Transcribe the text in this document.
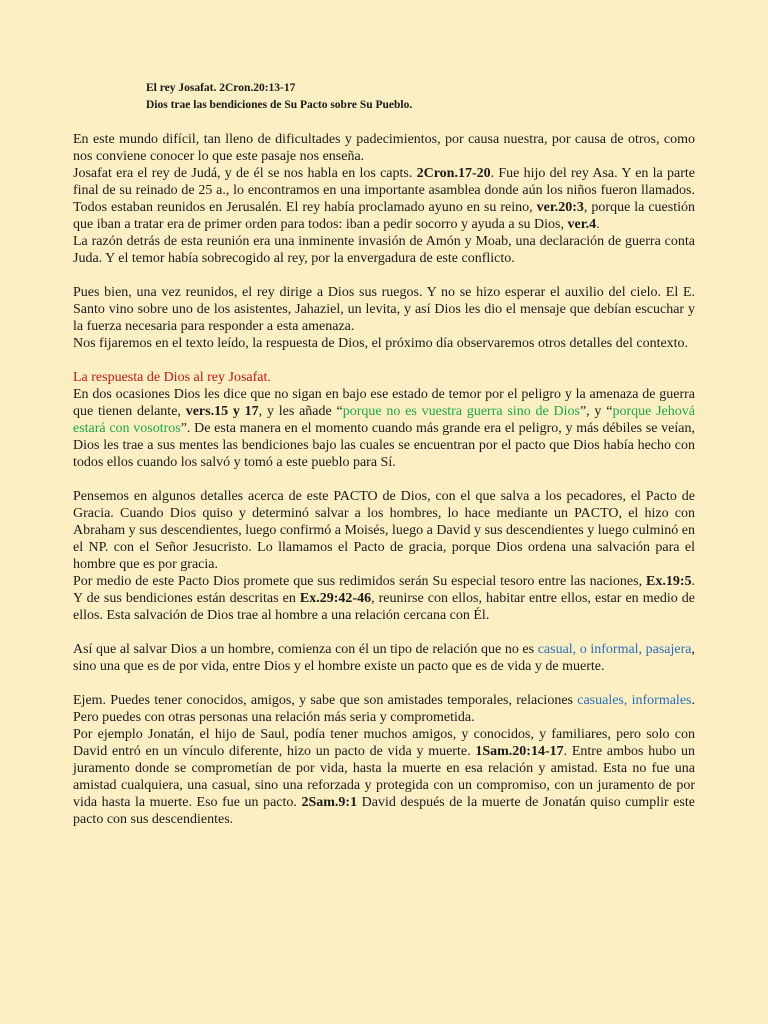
El rey Josafat. 2Cron.20:13-17
Dios trae las bendiciones de Su Pacto sobre Su Pueblo.

En este mundo difícil, tan lleno de dificultades y padecimientos, por causa nuestra, por causa de otros, como nos conviene conocer lo que este pasaje nos enseña.

Josafat era el rey de Judá, y de él se nos habla en los capts. 2Cron.17-20. Fue hijo del rey Asa. Y en la parte final de su reinado de 25 a., lo encontramos en una importante asamblea donde aún los niños fueron llamados. Todos estaban reunidos en Jerusalén. El rey había proclamado ayuno en su reino, ver.20:3, porque la cuestión que iban a tratar era de primer orden para todos: iban a pedir socorro y ayuda a su Dios, ver.4.

La razón detrás de esta reunión era una inminente invasión de Amón y Moab, una declaración de guerra conta Juda. Y el temor había sobrecogido al rey, por la envergadura de este conflicto.

Pues bien, una vez reunidos, el rey dirige a Dios sus ruegos. Y no se hizo esperar el auxilio del cielo. El E. Santo vino sobre uno de los asistentes, Jahaziel, un levita, y así Dios les dio el mensaje que debían escuchar y la fuerza necesaria para responder a esta amenaza.

Nos fijaremos en el texto leído, la respuesta de Dios, el próximo día observaremos otros detalles del contexto.

La respuesta de Dios al rey Josafat.

En dos ocasiones Dios les dice que no sigan en bajo ese estado de temor por el peligro y la amenaza de guerra que tienen delante, vers.15 y 17, y les añade “porque no es vuestra guerra sino de Dios”, y “porque Jehová estará con vosotros”. De esta manera en el momento cuando más grande era el peligro, y más débiles se veían, Dios les trae a sus mentes las bendiciones bajo las cuales se encuentran por el pacto que Dios había hecho con todos ellos cuando los salvó y tomó a este pueblo para Sí.

Pensemos en algunos detalles acerca de este PACTO de Dios, con el que salva a los pecadores, el Pacto de Gracia. Cuando Dios quiso y determinó salvar a los hombres, lo hace mediante un PACTO, el hizo con Abraham y sus descendientes, luego confirmó a Moisés, luego a David y sus descendientes y luego culminó en el NP. con el Señor Jesucristo. Lo llamamos el Pacto de gracia, porque Dios ordena una salvación para el hombre que es por gracia.

Por medio de este Pacto Dios promete que sus redimidos serán Su especial tesoro entre las naciones, Ex.19:5. Y de sus bendiciones están descritas en Ex.29:42-46, reunirse con ellos, habitar entre ellos, estar en medio de ellos. Esta salvación de Dios trae al hombre a una relación cercana con Él.

Así que al salvar Dios a un hombre, comienza con él un tipo de relación que no es casual, o informal, pasajera, sino una que es de por vida, entre Dios y el hombre existe un pacto que es de vida y de muerte.

Ejem. Puedes tener conocidos, amigos, y sabe que son amistades temporales, relaciones casuales, informales. Pero puedes con otras personas una relación más seria y comprometida.

Por ejemplo Jonatán, el hijo de Saul, podía tener muchos amigos, y conocidos, y familiares, pero solo con David entró en un vínculo diferente, hizo un pacto de vida y muerte. 1Sam.20:14-17. Entre ambos hubo un juramento donde se comprometían de por vida, hasta la muerte en esa relación y amistad. Esta no fue una amistad cualquiera, una casual, sino una reforzada y protegida con un compromiso, con un juramento de por vida hasta la muerte. Eso fue un pacto. 2Sam.9:1 David después de la muerte de Jonatán quiso cumplir este pacto con sus descendientes.
